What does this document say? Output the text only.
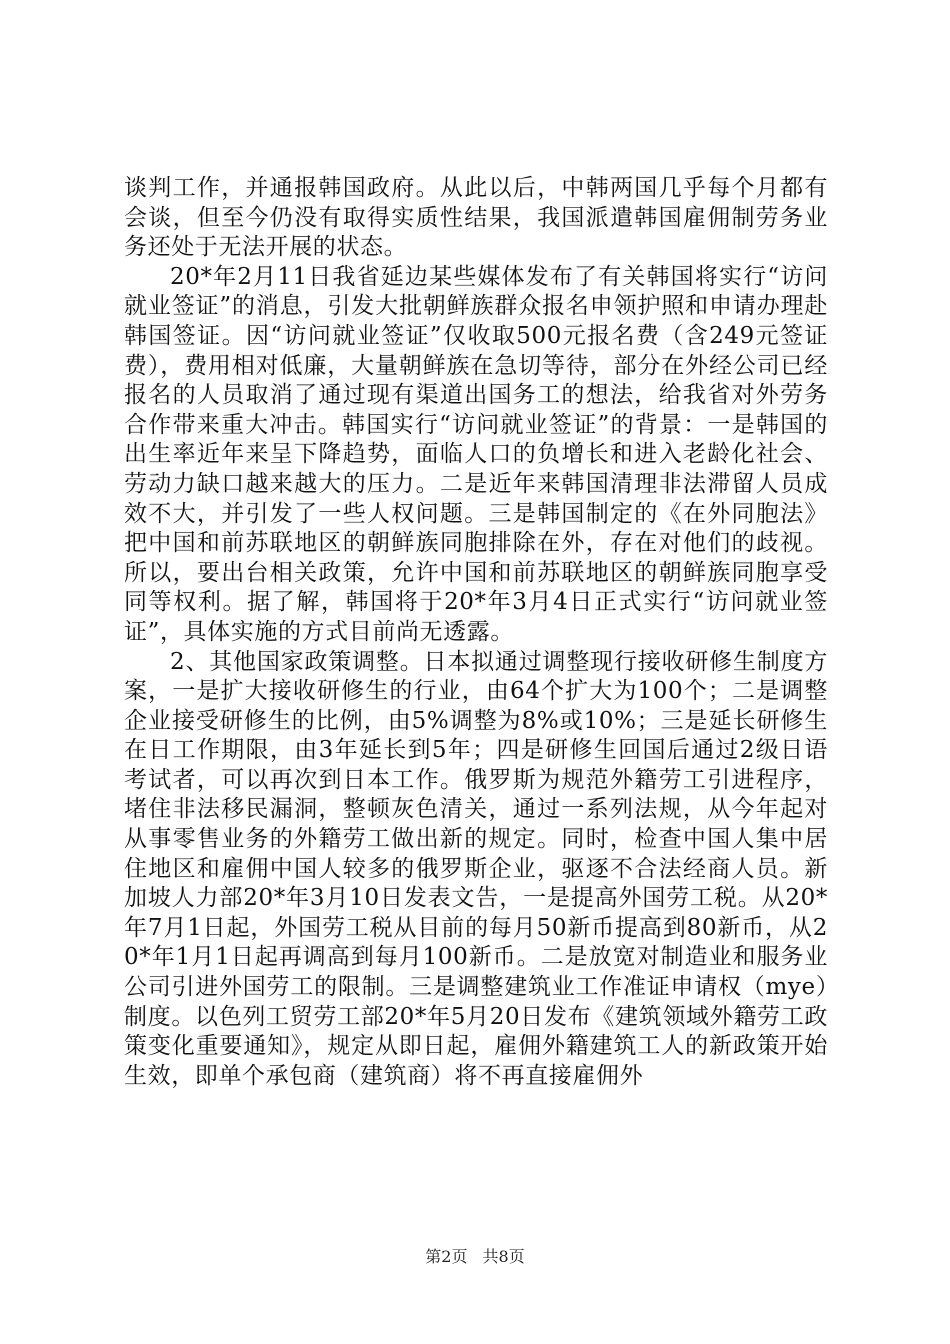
谈判工作，并通报韩国政府。从此以后，中韩两国几乎每个月都有会谈，但至今仍没有取得实质性结果，我国派遣韩国雇佣制劳务业务还处于无法开展的状态。

20*年2月11日我省延边某些媒体发布了有关韩国将实行“访问就业签证”的消息，引发大批朝鲜族群众报名申领护照和申请办理赴韩国签证。因“访问就业签证”仅收取500元报名费（含249元签证费），费用相对低廉，大量朝鲜族在急切等待，部分在外经公司已经报名的人员取消了通过现有渠道出国务工的想法，给我省对外劳务合作带来重大冲击。韩国实行“访问就业签证”的背景：一是韩国的出生率近年来呈下降趋势，面临人口的负增长和进入老龄化社会、劳动力缺口越来越大的压力。二是近年来韩国清理非法滞留人员成效不大，并引发了一些人权问题。三是韩国制定的《在外同胞法》把中国和前苏联地区的朝鲜族同胞排除在外，存在对他们的歧视。所以，要出台相关政策，允许中国和前苏联地区的朝鲜族同胞享受同等权利。据了解，韩国将于20*年3月4日正式实行“访问就业签证”，具体实施的方式目前尚无透露。

2、其他国家政策调整。日本拟通过调整现行接收研修生制度方案，一是扩大接收研修生的行业，由64个扩大为100个；二是调整企业接受研修生的比例，由5%调整为8%或10%；三是延长研修生在日工作期限，由3年延长到5年；四是研修生回国后通过2级日语考试者，可以再次到日本工作。俄罗斯为规范外籍劳工引进程序，堵住非法移民漏洞，整顿灰色清关，通过一系列法规，从今年起对从事零售业务的外籍劳工做出新的规定。同时，检查中国人集中居住地区和雇佣中国人较多的俄罗斯企业，驱逐不合法经商人员。新加坡人力部20*年3月10日发表文告，一是提高外国劳工税。从20*年7月1日起，外国劳工税从目前的每月50新币提高到80新币，从20*年1月1日起再调高到每月100新币。二是放宽对制造业和服务业公司引进外国劳工的限制。三是调整建筑业工作准证申请权（mye）制度。以色列工贸劳工部20*年5月20日发布《建筑领域外籍劳工政策变化重要通知》，规定从即日起，雇佣外籍建筑工人的新政策开始生效，即单个承包商（建筑商）将不再直接雇佣外

第2页 共8页
